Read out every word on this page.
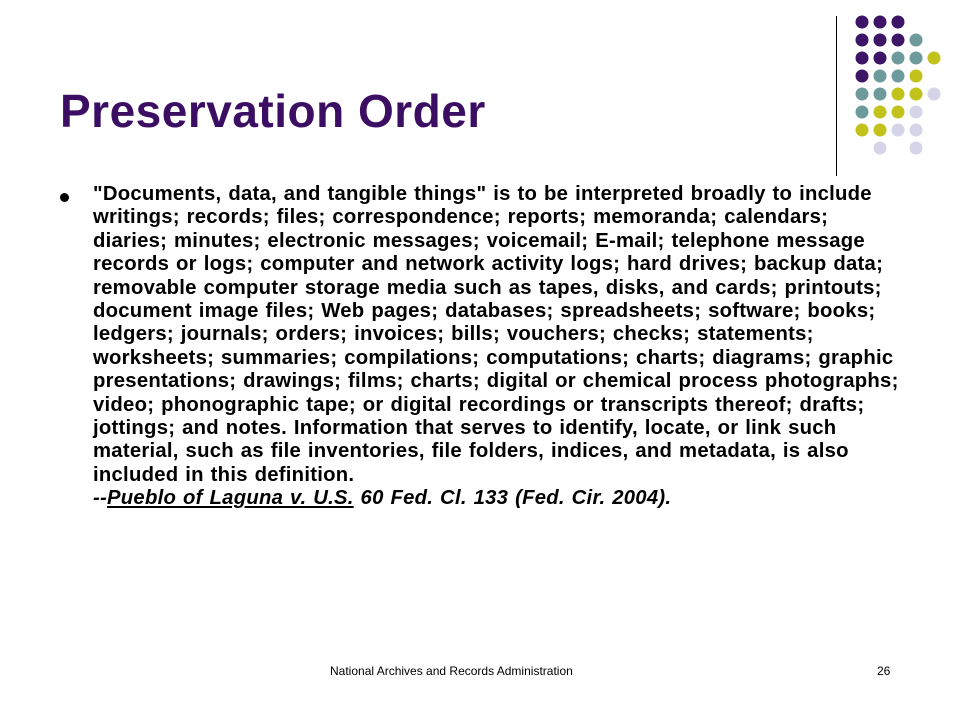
Preservation Order

"Documents, data, and tangible things" is to be interpreted broadly to include writings; records; files; correspondence; reports; memoranda; calendars; diaries; minutes; electronic messages; voicemail; E-mail; telephone message records or logs; computer and network activity logs; hard drives; backup data; removable computer storage media such as tapes, disks, and cards; printouts; document image files; Web pages; databases; spreadsheets; software; books; ledgers; journals; orders; invoices; bills; vouchers; checks; statements; worksheets; summaries; compilations; computations; charts; diagrams; graphic presentations; drawings; films; charts; digital or chemical process photographs; video; phonographic tape; or digital recordings or transcripts thereof; drafts; jottings; and notes. Information that serves to identify, locate, or link such material, such as file inventories, file folders, indices, and metadata, is also included in this definition.
--Pueblo of Laguna v. U.S. 60 Fed. Cl. 133 (Fed. Cir. 2004).

National Archives and Records Administration	26
